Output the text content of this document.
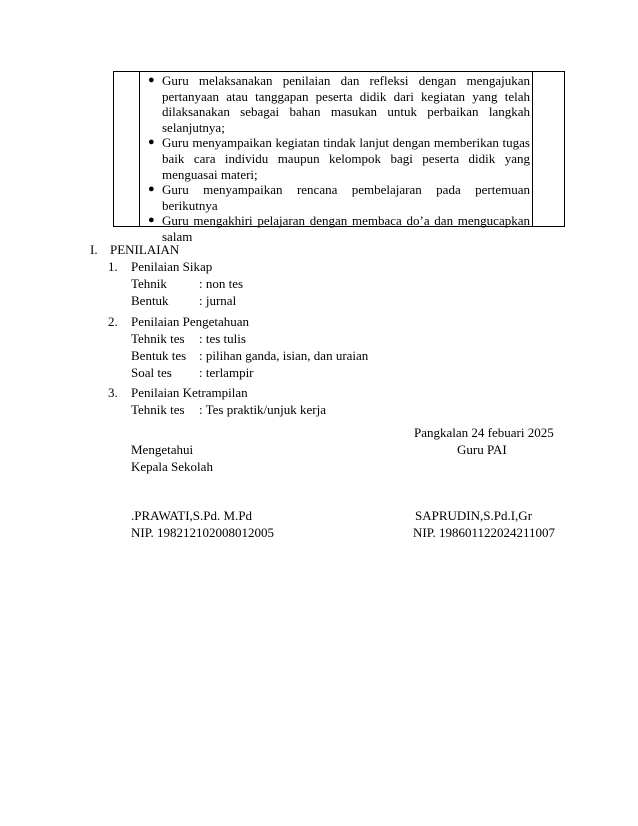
● Guru melaksanakan penilaian dan refleksi dengan mengajukan pertanyaan atau tanggapan peserta didik dari kegiatan yang telah dilaksanakan sebagai bahan masukan untuk perbaikan langkah selanjutnya;
● Guru menyampaikan kegiatan tindak lanjut dengan memberikan tugas baik cara individu maupun kelompok bagi peserta didik yang menguasai materi;
● Guru menyampaikan rencana pembelajaran pada pertemuan berikutnya
● Guru mengakhiri pelajaran dengan membaca do’a dan mengucapkan salam
I. PENILAIAN
1. Penilaian Sikap
Tehnik : non tes
Bentuk : jurnal
2. Penilaian Pengetahuan
Tehnik tes : tes tulis
Bentuk tes : pilihan ganda, isian, dan uraian
Soal tes : terlampir
3. Penilaian Ketrampilan
Tehnik tes : Tes praktik/unjuk kerja
Pangkalan 24 febuari 2025
Mengetahui	Guru PAI
Kepala Sekolah
.PRAWATI,S.Pd. M.Pd	SAPRUDIN,S.Pd.I,Gr
NIP. 198212102008012005	NIP. 198601122024211007
